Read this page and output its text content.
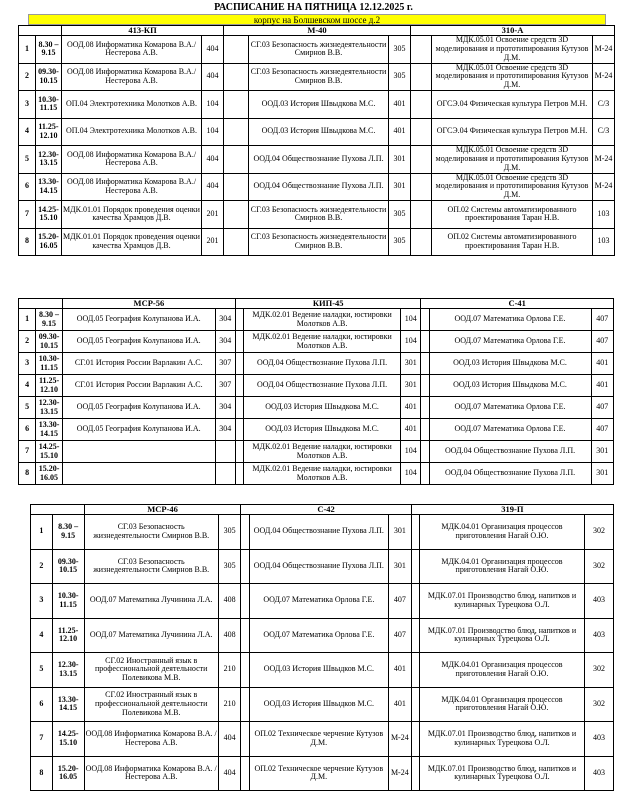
РАСПИСАНИЕ НА ПЯТНИЦА 12.12.2025 г.
корпус на Болшевском шоссе д.2
		413-КП		М-40			310-А		
1	8.30 – 9.15	ООД.08 Информатика Комарова В.А./Нестерова А.В.	404		СГ.03 Безопасность жизнедеятельности Смирнов В.В.	305		МДК.05.01 Освоение средств 3D моделирования и прототипирования Кутузов Д.М.	М-24
2	09.30- 10.15	ООД.08 Информатика Комарова В.А./Нестерова А.В.	404		СГ.03 Безопасность жизнедеятельности Смирнов В.В.	305		МДК.05.01 Освоение средств 3D моделирования и прототипирования Кутузов Д.М.	М-24
3	10.30- 11.15	ОП.04 Электротехника Молотков А.В.	104		ООД.03 История Швыдкова М.С.	401		ОГСЭ.04 Физическая культура Петров М.Н.	С/З
4	11.25- 12.10	ОП.04 Электротехника Молотков А.В.	104		ООД.03 История Швыдкова М.С.	401		ОГСЭ.04 Физическая культура Петров М.Н.	С/З
5	12.30- 13.15	ООД.08 Информатика Комарова В.А./Нестерова А.В.	404		ООД.04 Обществознание Пухова Л.П.	301		МДК.05.01 Освоение средств 3D моделирования и прототипирования Кутузов Д.М.	М-24
6	13.30- 14.15	ООД.08 Информатика Комарова В.А./Нестерова А.В.	404		ООД.04 Обществознание Пухова Л.П.	301		МДК.05.01 Освоение средств 3D моделирования и прототипирования Кутузов Д.М.	М-24
7	14.25- 15.10	МДК.01.01 Порядок проведения оценки качества Храмцов Д.В.	201		СГ.03 Безопасность жизнедеятельности Смирнов В.В.	305		ОП.02 Системы автоматизированного проектирования Таран Н.В.	103
8	15.20- 16.05	МДК.01.01 Порядок проведения оценки качества Храмцов Д.В.	201		СГ.03 Безопасность жизнедеятельности Смирнов В.В.	305		ОП.02 Системы автоматизированного проектирования Таран Н.В.	103
		МСР-56		КИП-45			С-41		
1	8.30 – 9.15	ООД.05 География Колупанова И.А.	304		МДК.02.01 Ведение наладки, юстировки Молотков А.В.	104		ООД.07 Математика Орлова Г.Е.	407
2	09.30- 10.15	ООД.05 География Колупанова И.А.	304		МДК.02.01 Ведение наладки, юстировки Молотков А.В.	104		ООД.07 Математика Орлова Г.Е.	407
3	10.30- 11.15	СГ.01 История России Варлакин А.С.	307		ООД.04 Обществознание Пухова Л.П.	301		ООД.03 История Швыдкова М.С.	401
4	11.25- 12.10	СГ.01 История России Варлакин А.С.	307		ООД.04 Обществознание Пухова Л.П.	301		ООД.03 История Швыдкова М.С.	401
5	12.30- 13.15	ООД.05 География Колупанова И.А.	304		ООД.03 История Швыдкова М.С.	401		ООД.07 Математика Орлова Г.Е.	407
6	13.30- 14.15	ООД.05 География Колупанова И.А.	304		ООД.03 История Швыдкова М.С.	401		ООД.07 Математика Орлова Г.Е.	407
7	14.25- 15.10				МДК.02.01 Ведение наладки, юстировки Молотков А.В.	104		ООД.04 Обществознание Пухова Л.П.	301
8	15.20- 16.05				МДК.02.01 Ведение наладки, юстировки Молотков А.В.	104		ООД.04 Обществознание Пухова Л.П.	301
		МСР-46		С-42			319-П		
1	8.30 – 9.15	СГ.03 Безопасность жизнедеятельности Смирнов В.В.	305		ООД.04 Обществознание Пухова Л.П.	301		МДК.04.01 Организация процессов приготовления Нагай О.Ю.	302
2	09.30- 10.15	СГ.03 Безопасность жизнедеятельности Смирнов В.В.	305		ООД.04 Обществознание Пухова Л.П.	301		МДК.04.01 Организация процессов приготовления Нагай О.Ю.	302
3	10.30- 11.15	ООД.07 Математика Лучинина Л.А.	408		ООД.07 Математика Орлова Г.Е.	407		МДК.07.01 Производство блюд, напитков и кулинарных Турецкова О.Л.	403
4	11.25- 12.10	ООД.07 Математика Лучинина Л.А.	408		ООД.07 Математика Орлова Г.Е.	407		МДК.07.01 Производство блюд, напитков и кулинарных Турецкова О.Л.	403
5	12.30- 13.15	СГ.02 Иностранный язык в профессиональной деятельности Полевикова М.В.	210		ООД.03 История Швыдков М.С.	401		МДК.04.01 Организация процессов приготовления Нагай О.Ю.	302
6	13.30- 14.15	СГ.02 Иностранный язык в профессиональной деятельности Полевикова М.В.	210		ООД.03 История Швыдков М.С.	401		МДК.04.01 Организация процессов приготовления Нагай О.Ю.	302
7	14.25- 15.10	ООД.08 Информатика Комарова В.А. / Нестерова А.В.	404		ОП.02 Техническое черчение Кутузов Д.М.	М-24		МДК.07.01 Производство блюд, напитков и кулинарных Турецкова О.Л.	403
8	15.20- 16.05	ООД.08 Информатика Комарова В.А. / Нестерова А.В.	404		ОП.02 Техническое черчение Кутузов Д.М.	М-24		МДК.07.01 Производство блюд, напитков и кулинарных Турецкова О.Л.	403
